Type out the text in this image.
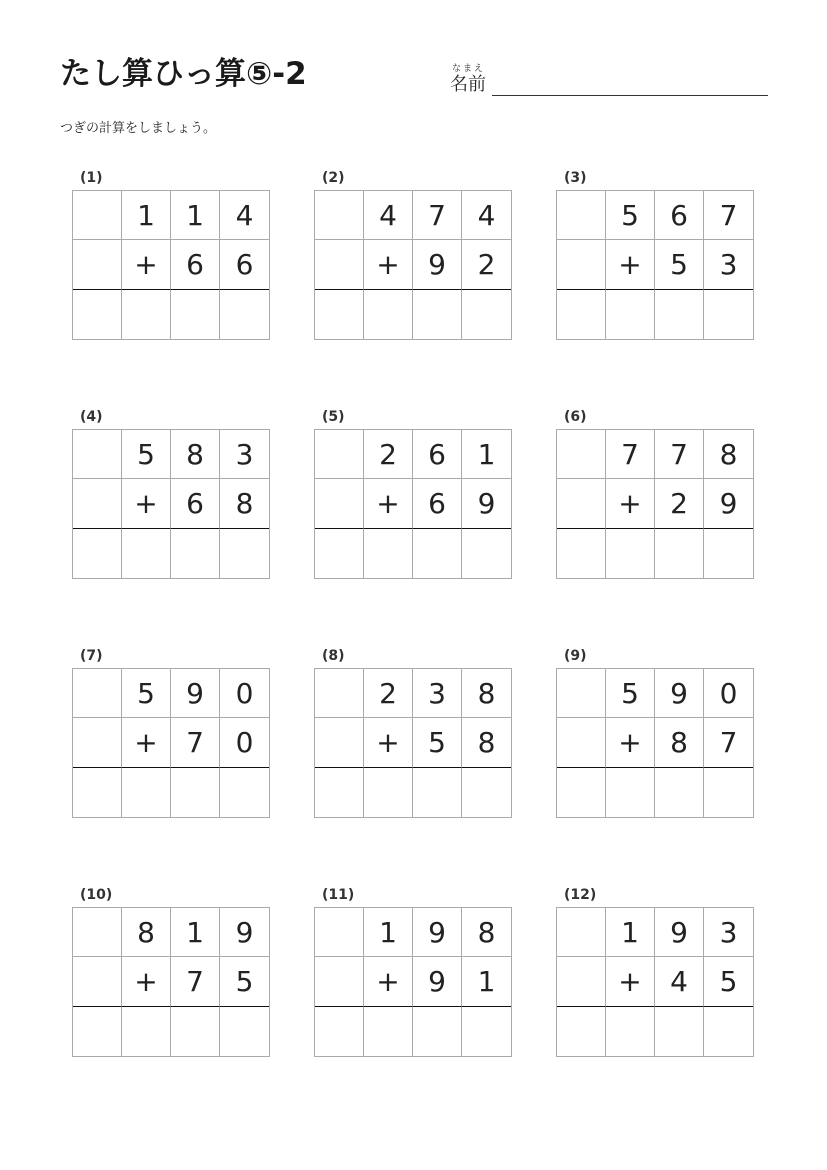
たし算ひっ算⑤-2	なまえ
名前
つぎの計算をしましょう。
(1)
1	1	4
+	6	6
(2)
4	7	4
+	9	2
(3)
5	6	7
+	5	3
(4)
5	8	3
+	6	8
(5)
2	6	1
+	6	9
(6)
7	7	8
+	2	9
(7)
5	9	0
+	7	0
(8)
2	3	8
+	5	8
(9)
5	9	0
+	8	7
(10)
8	1	9
+	7	5
(11)
1	9	8
+	9	1
(12)
1	9	3
+	4	5
